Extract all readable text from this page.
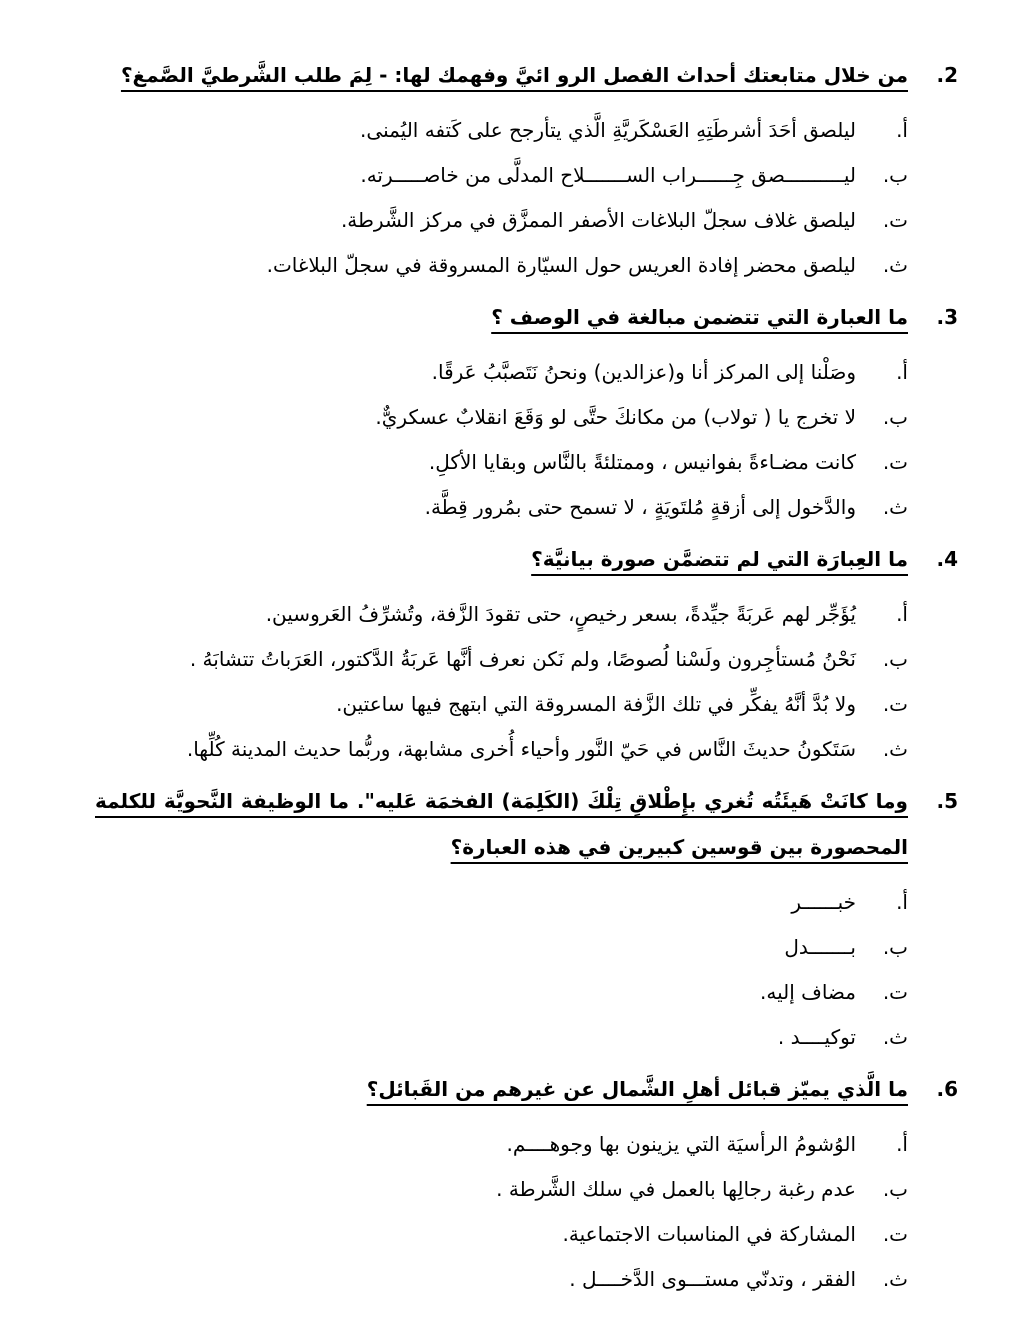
2.
من خلال متابعتك أحداث الفصل الرو ائيَّ وفهمك لها: - لِمَ طلب الشَّرطيَّ الصَّمغ؟
أ.
ليلصق أحَدَ أشرطَتِهِ العَسْكَريَّةِ الَّذي يتأرجح على كَتفه اليُمنى.
ب.
ليــــــــــصق جِــــــراب الســـــــلاح المدلَّى من خاصـــــرته.
ت.
ليلصق غلاف سجلّ البلاغات الأصفر الممزَّق في مركز الشَّرطة.
ث.
ليلصق محضر إفادة العريس حول السيّارة المسروقة في سجلّ البلاغات.
3.
ما العبارة التي تتضمن مبالغة في الوصف ؟
أ.
وصَلْنا إلى المركز أنا و(عزالدين) ونحنُ نَتَصبَّبُ عَرقًا.
ب.
لا تخرج يا ( تولاب) من مكانكَ حتَّى لو وَقَعَ انقلابٌ عسكريٌّ.
ت.
كانت مضـاءةً بفوانيس ، وممتلئةً بالنَّاس وبقايا الأكلِ.
ث.
والدَّخول إلى أزقةٍ مُلتَويَةٍ ، لا تسمح حتى بمُرور قِطَّة.
4.
ما العِبارَة التي لم تتضمَّن صورة بيانيَّة؟
أ.
يُؤَجِّر لهم عَربَةً جيِّدةً، بسعر رخيصٍ، حتى تقودَ الزَّفة، وتُشرِّفُ العَروسين.
ب.
نَحْنُ مُستأجِرون ولَسْنا لُصوصًا، ولم نَكن نعرف أنَّها عَربَةُ الدَّكتور، العَرَباتُ تتشابَهُ .
ت.
ولا بُدَّ أنَّهُ يفكِّر في تلك الزَّفة المسروقة التي ابتهج فيها ساعتين.
ث.
سَتَكونُ حديثَ النَّاس في حَيّ النَّور وأحياء أُخرى مشابهة، وربُّما حديث المدينة كُلِّها.
5.
وما كانَتْ هَيئَتُه تُغري بإِطْلاقِ تِلْكَ (الكَلِمَة) الفخمَة عَليه". ما الوظيفة النَّحويَّة للكلمة المحصورة بين قوسين كبيرين في هذه العبارة؟
أ.
خبــــــر
ب.
بـــــــدل
ت.
مضاف إليه.
ث.
توكيــــد .
6.
ما الَّذي يميّز قبائل أهلِ الشَّمال عن غيرهم من القَبائل؟
أ.
الوُشومُ الرأسيَة التي يزينون بها وجوهــــم.
ب.
عدم رغبة رجالِها بالعمل في سلك الشَّرطة .
ت.
المشاركة في المناسبات الاجتماعية.
ث.
الفقر ، وتدنّي مستـــوى الدَّخــــل .
